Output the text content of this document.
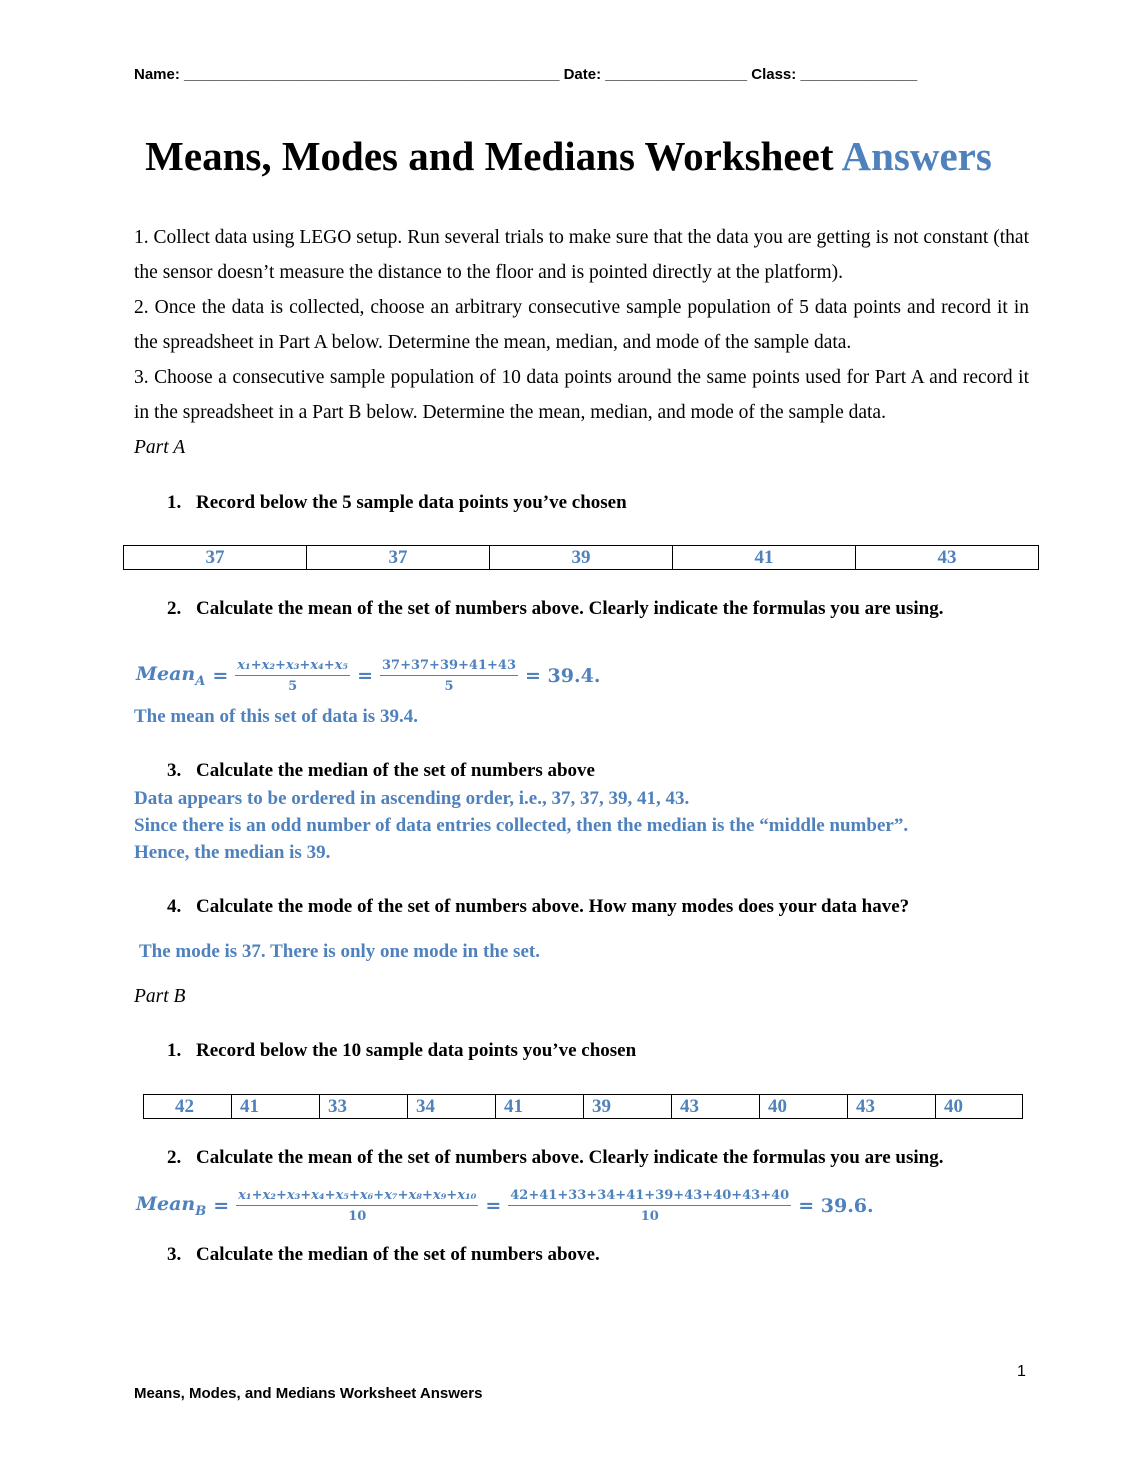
Name: _____________________________________________ Date: _________________ Class: ______________
Means, Modes and Medians Worksheet Answers

1. Collect data using LEGO setup. Run several trials to make sure that the data you are getting is not constant (that the sensor doesn’t measure the distance to the floor and is pointed directly at the platform).

2. Once the data is collected, choose an arbitrary consecutive sample population of 5 data points and record it in the spreadsheet in Part A below. Determine the mean, median, and mode of the sample data.

3. Choose a consecutive sample population of 10 data points around the same points used for Part A and record it in the spreadsheet in a Part B below. Determine the mean, median, and mode of the sample data.

Part A
1. Record below the 5 sample data points you’ve chosen
37	37	39	41	43
2. Calculate the mean of the set of numbers above. Clearly indicate the formulas you are using.
Mean$_A$ = $\frac{\text{x₁+x₂+x₃+x₄+x₅}}{5} = \frac{37+37+39+41+43}{5} = 39.4$.
The mean of this set of data is 39.4.
3. Calculate the median of the set of numbers above
Data appears to be ordered in ascending order, i.e., 37, 37, 39, 41, 43.
Since there is an odd number of data entries collected, then the median is the “middle number”.
Hence, the median is 39.
4. Calculate the mode of the set of numbers above. How many modes does your data have?
The mode is 37. There is only one mode in the set.
Part B
1. Record below the 10 sample data points you’ve chosen
42	41	33	34	41	39	43	40	43	40
2. Calculate the mean of the set of numbers above. Clearly indicate the formulas you are using.
Mean$_B$ = $\frac{\text{x₁+x₂+x₃+x₄+x₅+x₆+x₇+x₈+x₉+x₁₀}}{10} = \frac{42+41+33+34+41+39+43+40+43+40}{10} = 39.6$.
3. Calculate the median of the set of numbers above.
1
Means, Modes, and Medians Worksheet Answers
